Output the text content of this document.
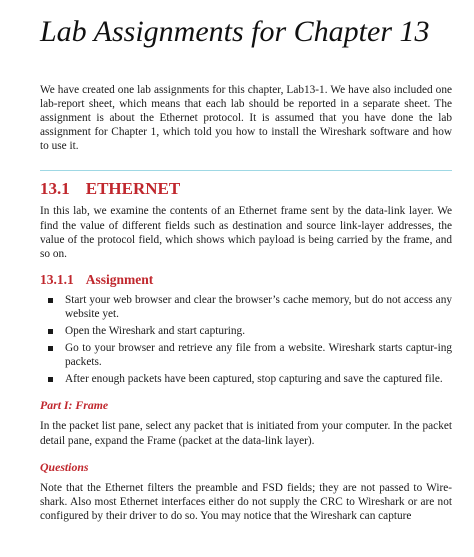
Lab Assignments for Chapter 13

We have created one lab assignments for this chapter, Lab13-1. We have also included one lab-report sheet, which means that each lab should be reported in a separate sheet. The assignment is about the Ethernet protocol. It is assumed that you have done the lab assignment for Chapter 1, which told you how to install the Wireshark software and how to use it.

13.1 ETHERNET

In this lab, we examine the contents of an Ethernet frame sent by the data-link layer. We find the value of different fields such as destination and source link-layer addresses, the value of the protocol field, which shows which payload is being carried by the frame, and so on.

13.1.1 Assignment
Start your web browser and clear the browser’s cache memory, but do not access any website yet.
Open the Wireshark and start capturing.
Go to your browser and retrieve any file from a website. Wireshark starts captur-ing packets.
After enough packets have been captured, stop capturing and save the captured file.
Part I: Frame

In the packet list pane, select any packet that is initiated from your computer. In the packet detail pane, expand the Frame (packet at the data-link layer).

Questions

Note that the Ethernet filters the preamble and FSD fields; they are not passed to Wire-shark. Also most Ethernet interfaces either do not supply the CRC to Wireshark or are not configured by their driver to do so. You may notice that the Wireshark can capture
